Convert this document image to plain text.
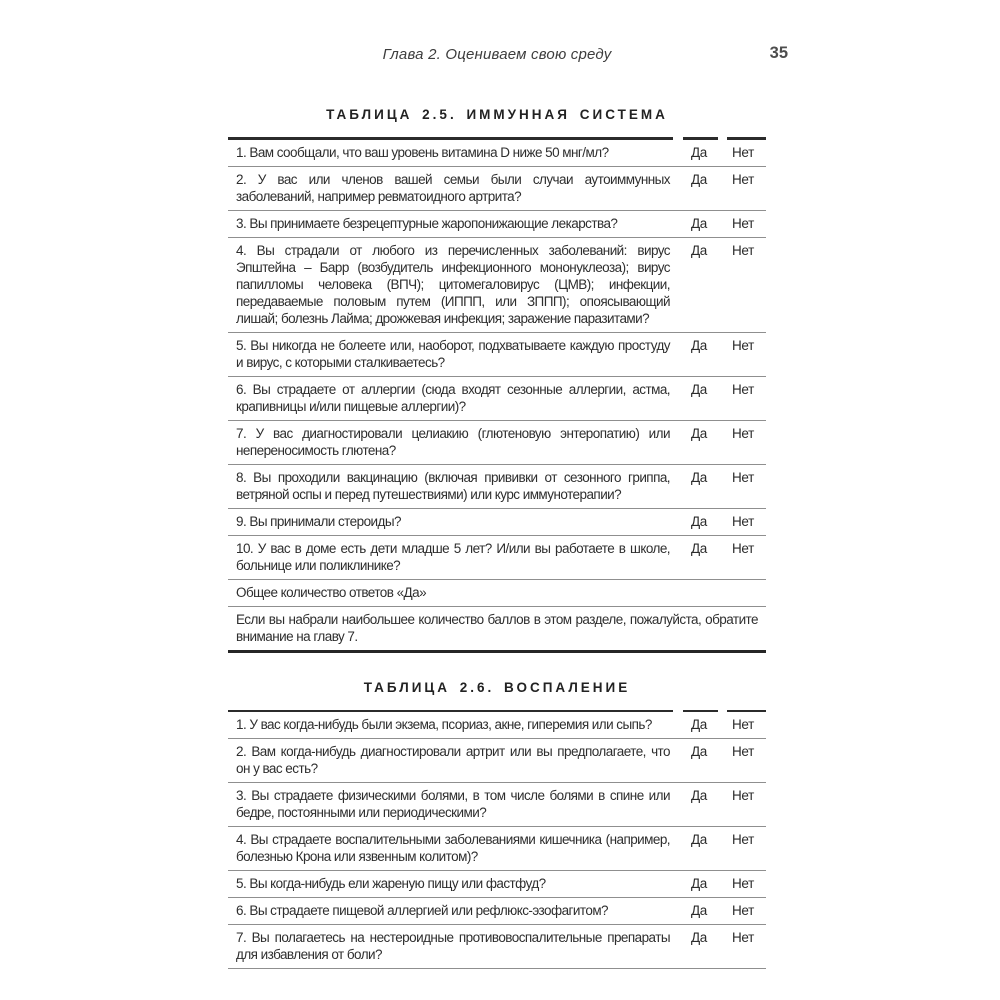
Глава 2. Оцениваем свою среду	35
ТАБЛИЦА 2.5. ИММУННАЯ СИСТЕМА
1. Вам сообщали, что ваш уровень витамина D ниже 50 мнг/мл?	Да	Нет
2. У вас или членов вашей семьи были случаи аутоиммунных заболеваний, например ревматоидного артрита?
Да	Нет
3. Вы принимаете безрецептурные жаропонижающие лекарства?	Да	Нет
4. Вы страдали от любого из перечисленных заболеваний: вирус Эпштейна – Барр (возбудитель инфекционного мононуклеоза); вирус папилломы человека (ВПЧ); цитомегаловирус (ЦМВ); инфекции, передаваемые половым путем (ИППП, или ЗППП); опоясывающий лишай; болезнь Лайма; дрожжевая инфекция; заражение паразитами?
Да	Нет
5. Вы никогда не болеете или, наоборот, подхватываете каждую простуду и вирус, с которыми сталкиваетесь?
Да	Нет
6. Вы страдаете от аллергии (сюда входят сезонные аллергии, астма, крапивницы и/или пищевые аллергии)?
Да	Нет
7. У вас диагностировали целиакию (глютеновую энтеропатию) или непереносимость глютена?
Да	Нет
8. Вы проходили вакцинацию (включая прививки от сезонного гриппа, ветряной оспы и перед путешествиями) или курс иммунотерапии?
Да	Нет
9. Вы принимали стероиды?	Да	Нет
10. У вас в доме есть дети младше 5 лет? И/или вы работаете в школе, больнице или поликлинике?
Да	Нет
Общее количество ответов «Да»
Если вы набрали наибольшее количество баллов в этом разделе, пожалуйста, обратите внимание на главу 7.
ТАБЛИЦА 2.6. ВОСПАЛЕНИЕ
1. У вас когда-нибудь были экзема, псориаз, акне, гиперемия или сыпь?	Да	Нет
2. Вам когда-нибудь диагностировали артрит или вы предполагаете, что он у вас есть?
Да	Нет
3. Вы страдаете физическими болями, в том числе болями в спине или бедре, постоянными или периодическими?
Да	Нет
4. Вы страдаете воспалительными заболеваниями кишечника (например, болезнью Крона или язвенным колитом)?
Да	Нет
5. Вы когда-нибудь ели жареную пищу или фастфуд?	Да	Нет
6. Вы страдаете пищевой аллергией или рефлюкс-эзофагитом?	Да	Нет
7. Вы полагаетесь на нестероидные противовоспалительные препараты для избавления от боли?
Да	Нет
